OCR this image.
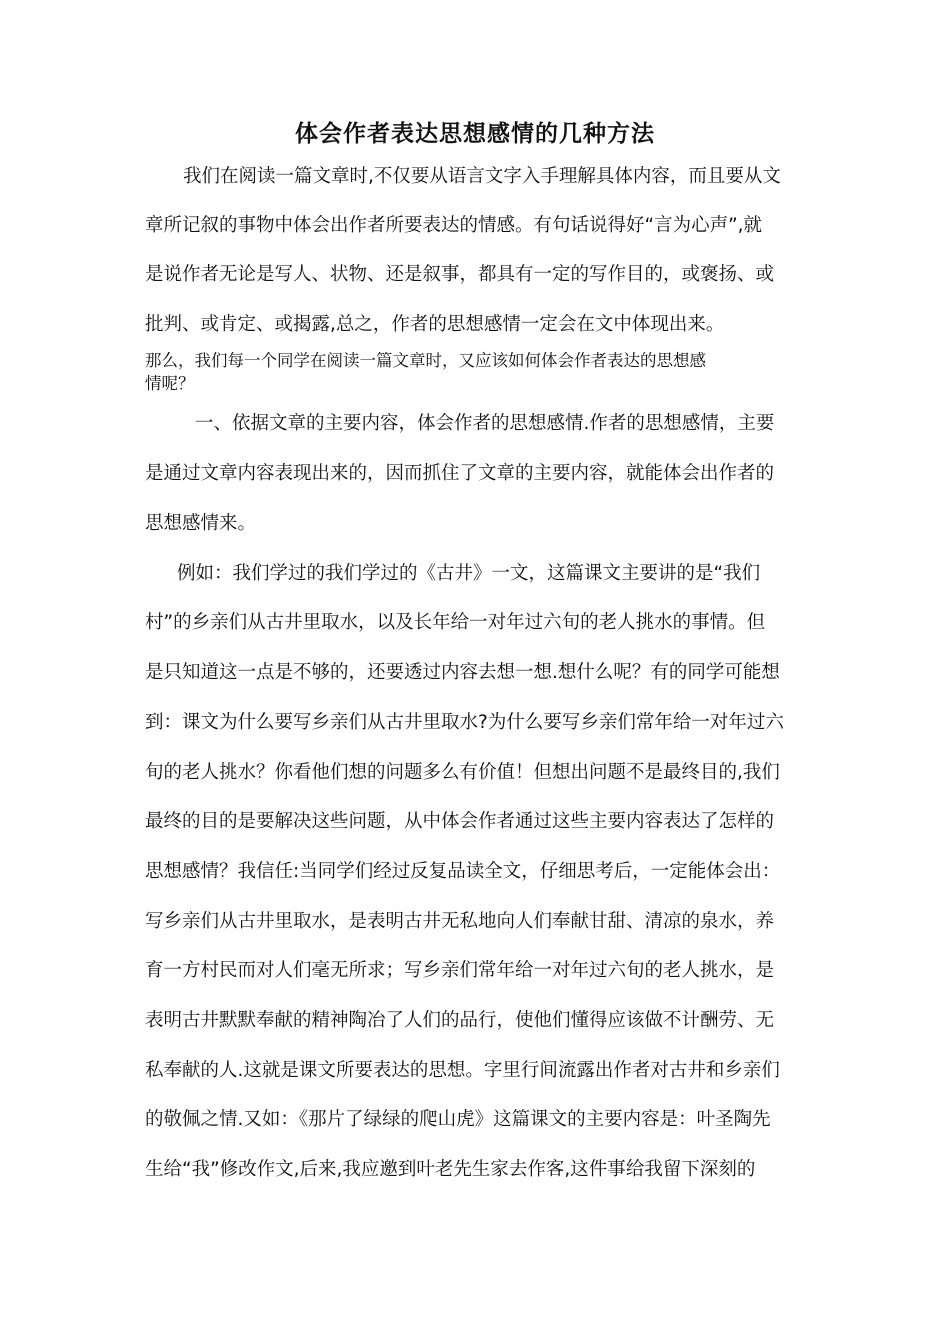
体会作者表达思想感情的几种方法

我们在阅读一篇文章时,不仅要从语言文字入手理解具体内容，而且要从文

章所记叙的事物中体会出作者所要表达的情感。有句话说得好“言为心声”,就

是说作者无论是写人、状物、还是叙事，都具有一定的写作目的，或褒扬、或

批判、或肯定、或揭露,总之，作者的思想感情一定会在文中体现出来。

那么，我们每一个同学在阅读一篇文章时，又应该如何体会作者表达的思想感

情呢？

一、依据文章的主要内容，体会作者的思想感情.作者的思想感情，主要

是通过文章内容表现出来的，因而抓住了文章的主要内容，就能体会出作者的

思想感情来。

例如：我们学过的我们学过的《古井》一文，这篇课文主要讲的是“我们

村”的乡亲们从古井里取水，以及长年给一对年过六旬的老人挑水的事情。但

是只知道这一点是不够的，还要透过内容去想一想.想什么呢？有的同学可能想

到：课文为什么要写乡亲们从古井里取水?为什么要写乡亲们常年给一对年过六

旬的老人挑水？你看他们想的问题多么有价值！但想出问题不是最终目的,我们

最终的目的是要解决这些问题，从中体会作者通过这些主要内容表达了怎样的

思想感情？我信任:当同学们经过反复品读全文，仔细思考后，一定能体会出：

写乡亲们从古井里取水，是表明古井无私地向人们奉献甘甜、清凉的泉水，养

育一方村民而对人们毫无所求；写乡亲们常年给一对年过六旬的老人挑水，是

表明古井默默奉献的精神陶冶了人们的品行，使他们懂得应该做不计酬劳、无

私奉献的人.这就是课文所要表达的思想。字里行间流露出作者对古井和乡亲们

的敬佩之情.又如：《那片了绿绿的爬山虎》这篇课文的主要内容是：叶圣陶先

生给“我”修改作文,后来,我应邀到叶老先生家去作客,这件事给我留下深刻的
